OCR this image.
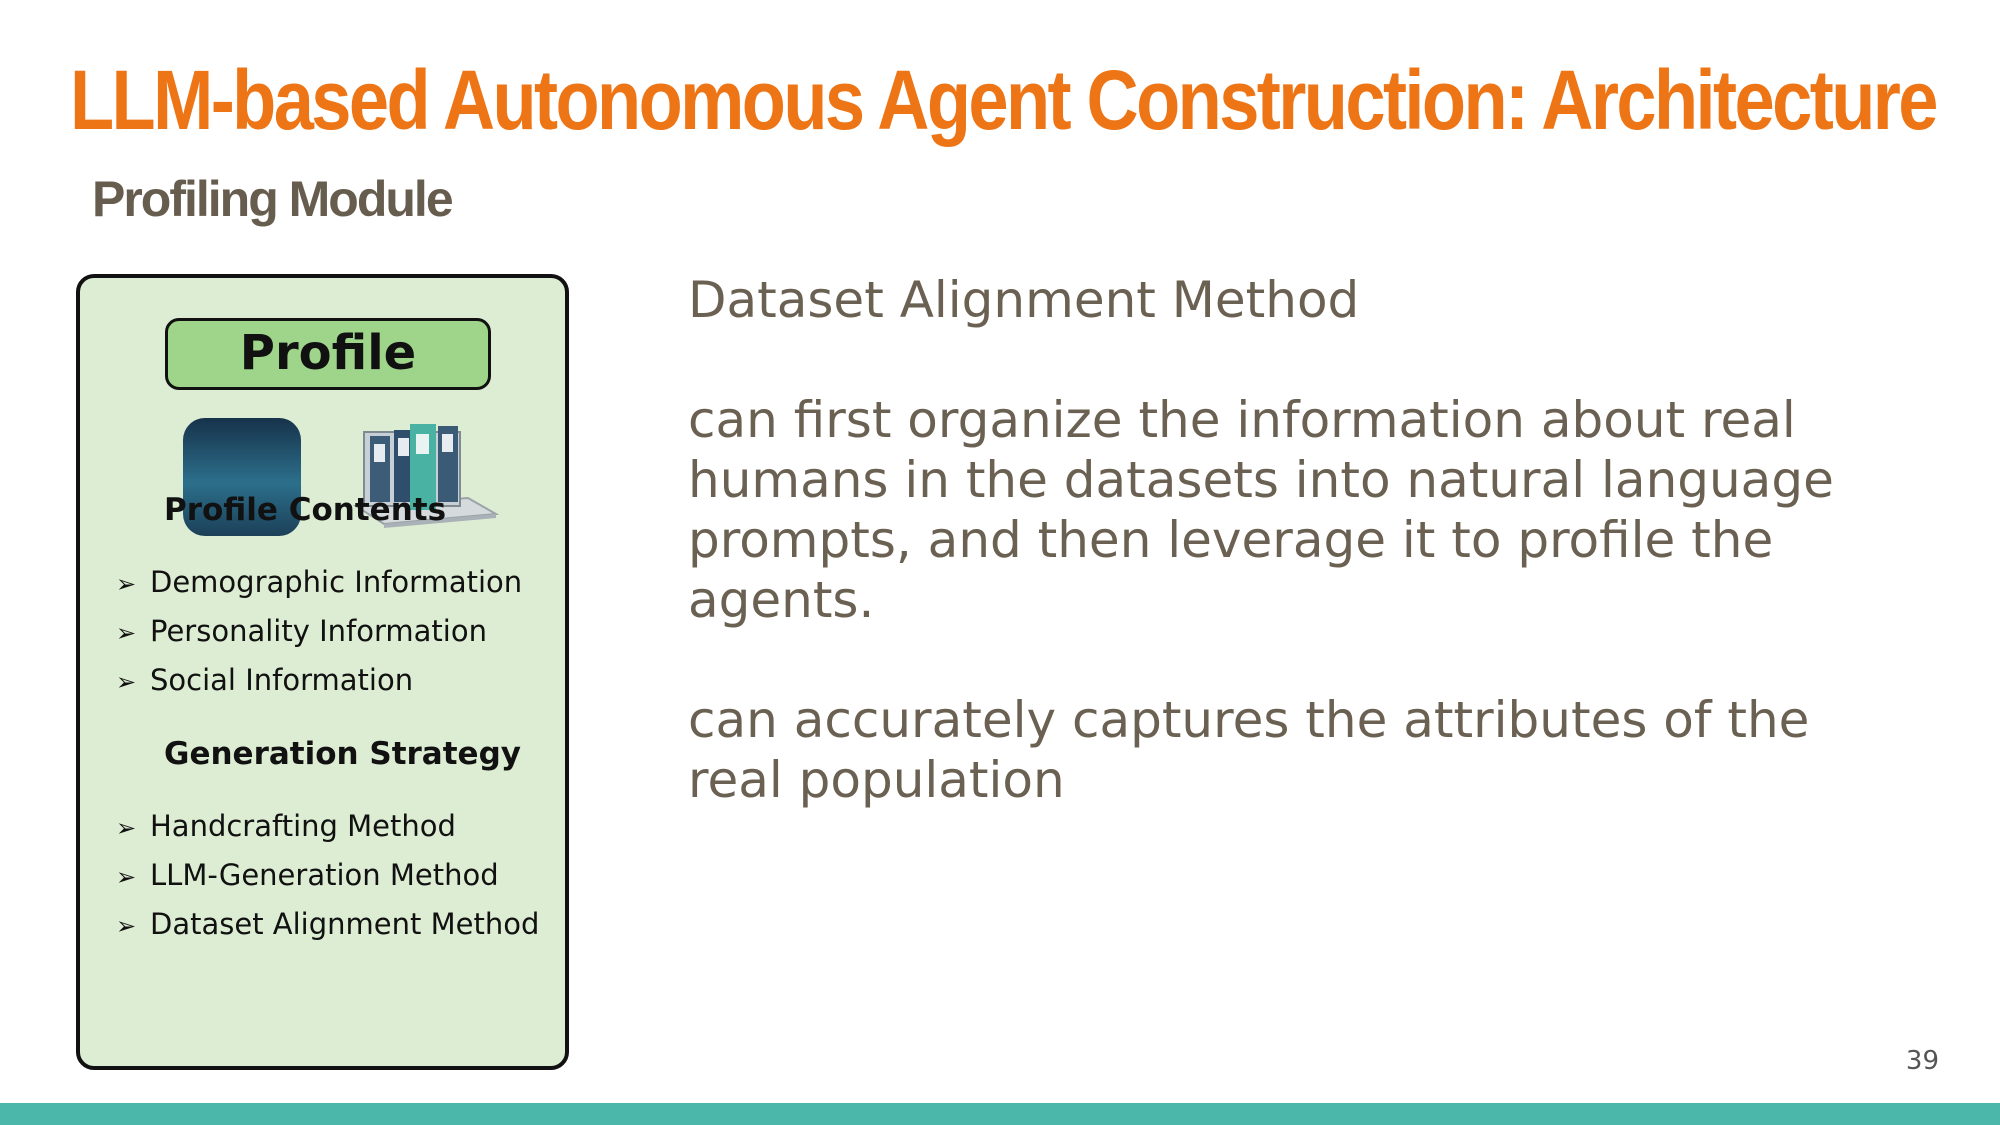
LLM-based Autonomous Agent Construction: Architecture
Profiling Module
Profile
Profile Contents
➢ Demographic Information
➢ Personality Information
➢ Social Information
Generation Strategy
➢ Handcrafting Method
➢ LLM-Generation Method
➢ Dataset Alignment Method

Dataset Alignment Method

can first organize the information about real

humans in the datasets into natural language

prompts, and then leverage it to profile the

agents.

can accurately captures the attributes of the

real population

39
